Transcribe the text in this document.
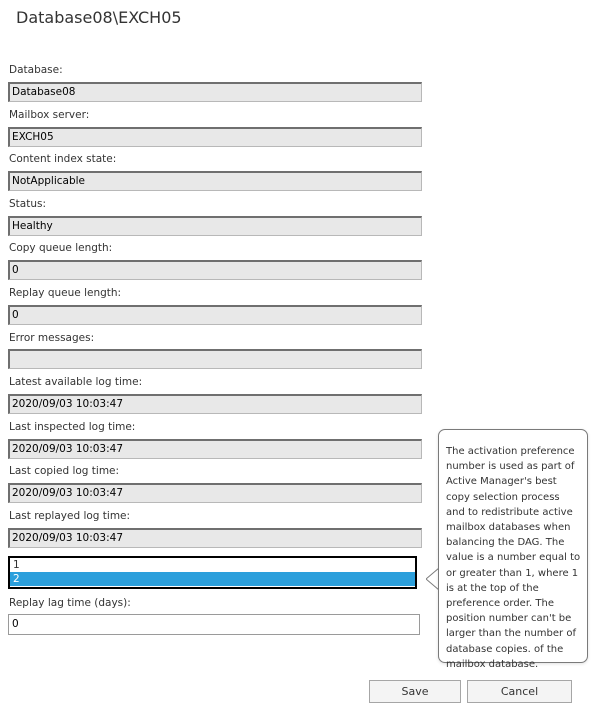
Database08\EXCH05
Database:
Database08
Mailbox server:
EXCH05
Content index state:
NotApplicable
Status:
Healthy
Copy queue length:
0
Replay queue length:
0
Error messages:
Latest available log time:
2020/09/03 10:03:47
Last inspected log time:
2020/09/03 10:03:47
Last copied log time:
2020/09/03 10:03:47
Last replayed log time:
2020/09/03 10:03:47
1
2
Replay lag time (days):
0
The activation preference number is used as part of Active Manager's best copy selection process and to redistribute active mailbox databases when balancing the DAG. The value is a number equal to or greater than 1, where 1 is at the top of the preference order. The position number can't be larger than the number of database copies. of the mailbox database.
Save	Cancel
